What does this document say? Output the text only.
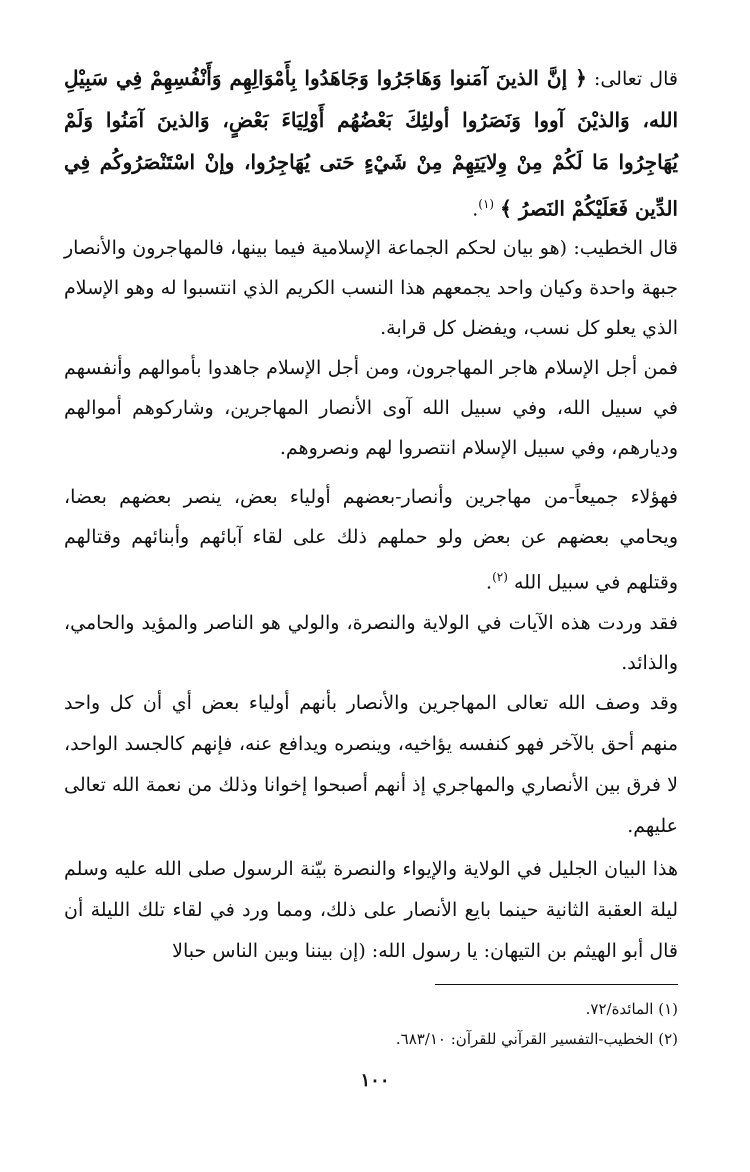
قال تعالى: ﴿ إنَّ الذينَ آمَنوا وَهَاجَرُوا وَجَاهَدُوا بِأَمْوَالِهِم وَأَنْفُسِهِمْ فِي سَبِيْلِ الله، وَالذيْنَ آووا وَنَصَرُوا أولئِكَ بَعْضُهُم أَوْلِيَاءَ بَعْضٍ، وَالذينَ آمَنُوا وَلَمْ يُهَاجِرُوا مَا لَكُمْ مِنْ وِلايَتِهِمْ مِنْ شَيْءٍ حَتى يُهَاجِرُوا، وإنْ اسْتَنْصَرُوكُم فِي الدِّين فَعَلَيْكُمْ النَصرُ ﴾ $^{(١)}$.

قال الخطيب: (هو بيان لحكم الجماعة الإسلامية فيما بينها، فالمهاجرون والأنصار جبهة واحدة وكيان واحد يجمعهم هذا النسب الكريم الذي انتسبوا له وهو الإسلام الذي يعلو كل نسب، ويفضل كل قرابة.

فمن أجل الإسلام هاجر المهاجرون، ومن أجل الإسلام جاهدوا بأموالهم وأنفسهم في سبيل الله، وفي سبيل الله آوى الأنصار المهاجرين، وشاركوهم أموالهم وديارهم، وفي سبيل الإسلام انتصروا لهم ونصروهم.

فهؤلاء جميعاً-من مهاجرين وأنصار-بعضهم أولياء بعض، ينصر بعضهم بعضا، ويحامي بعضهم عن بعض ولو حملهم ذلك على لقاء آبائهم وأبنائهم وقتالهم وقتلهم في سبيل الله $^{(٢)}$.

فقد وردت هذه الآيات في الولاية والنصرة، والولي هو الناصر والمؤيد والحامي، والذائد.

وقد وصف الله تعالى المهاجرين والأنصار بأنهم أولياء بعض أي أن كل واحد منهم أحق بالآخر فهو كنفسه يؤاخيه، وينصره ويدافع عنه، فإنهم كالجسد الواحد، لا فرق بين الأنصاري والمهاجري إذ أنهم أصبحوا إخوانا وذلك من نعمة الله تعالى عليهم.

هذا البيان الجليل في الولاية والإيواء والنصرة بيّنة الرسول صلى الله عليه وسلم ليلة العقبة الثانية حينما بايع الأنصار على ذلك، ومما ورد في لقاء تلك الليلة أن قال أبو الهيثم بن التيهان: يا رسول الله: (إن بيننا وبين الناس حبالا

(١) المائدة/٧٢.

(٢) الخطيب-التفسير القرآني للقرآن: ٦٨٣/١٠.

١٠٠
